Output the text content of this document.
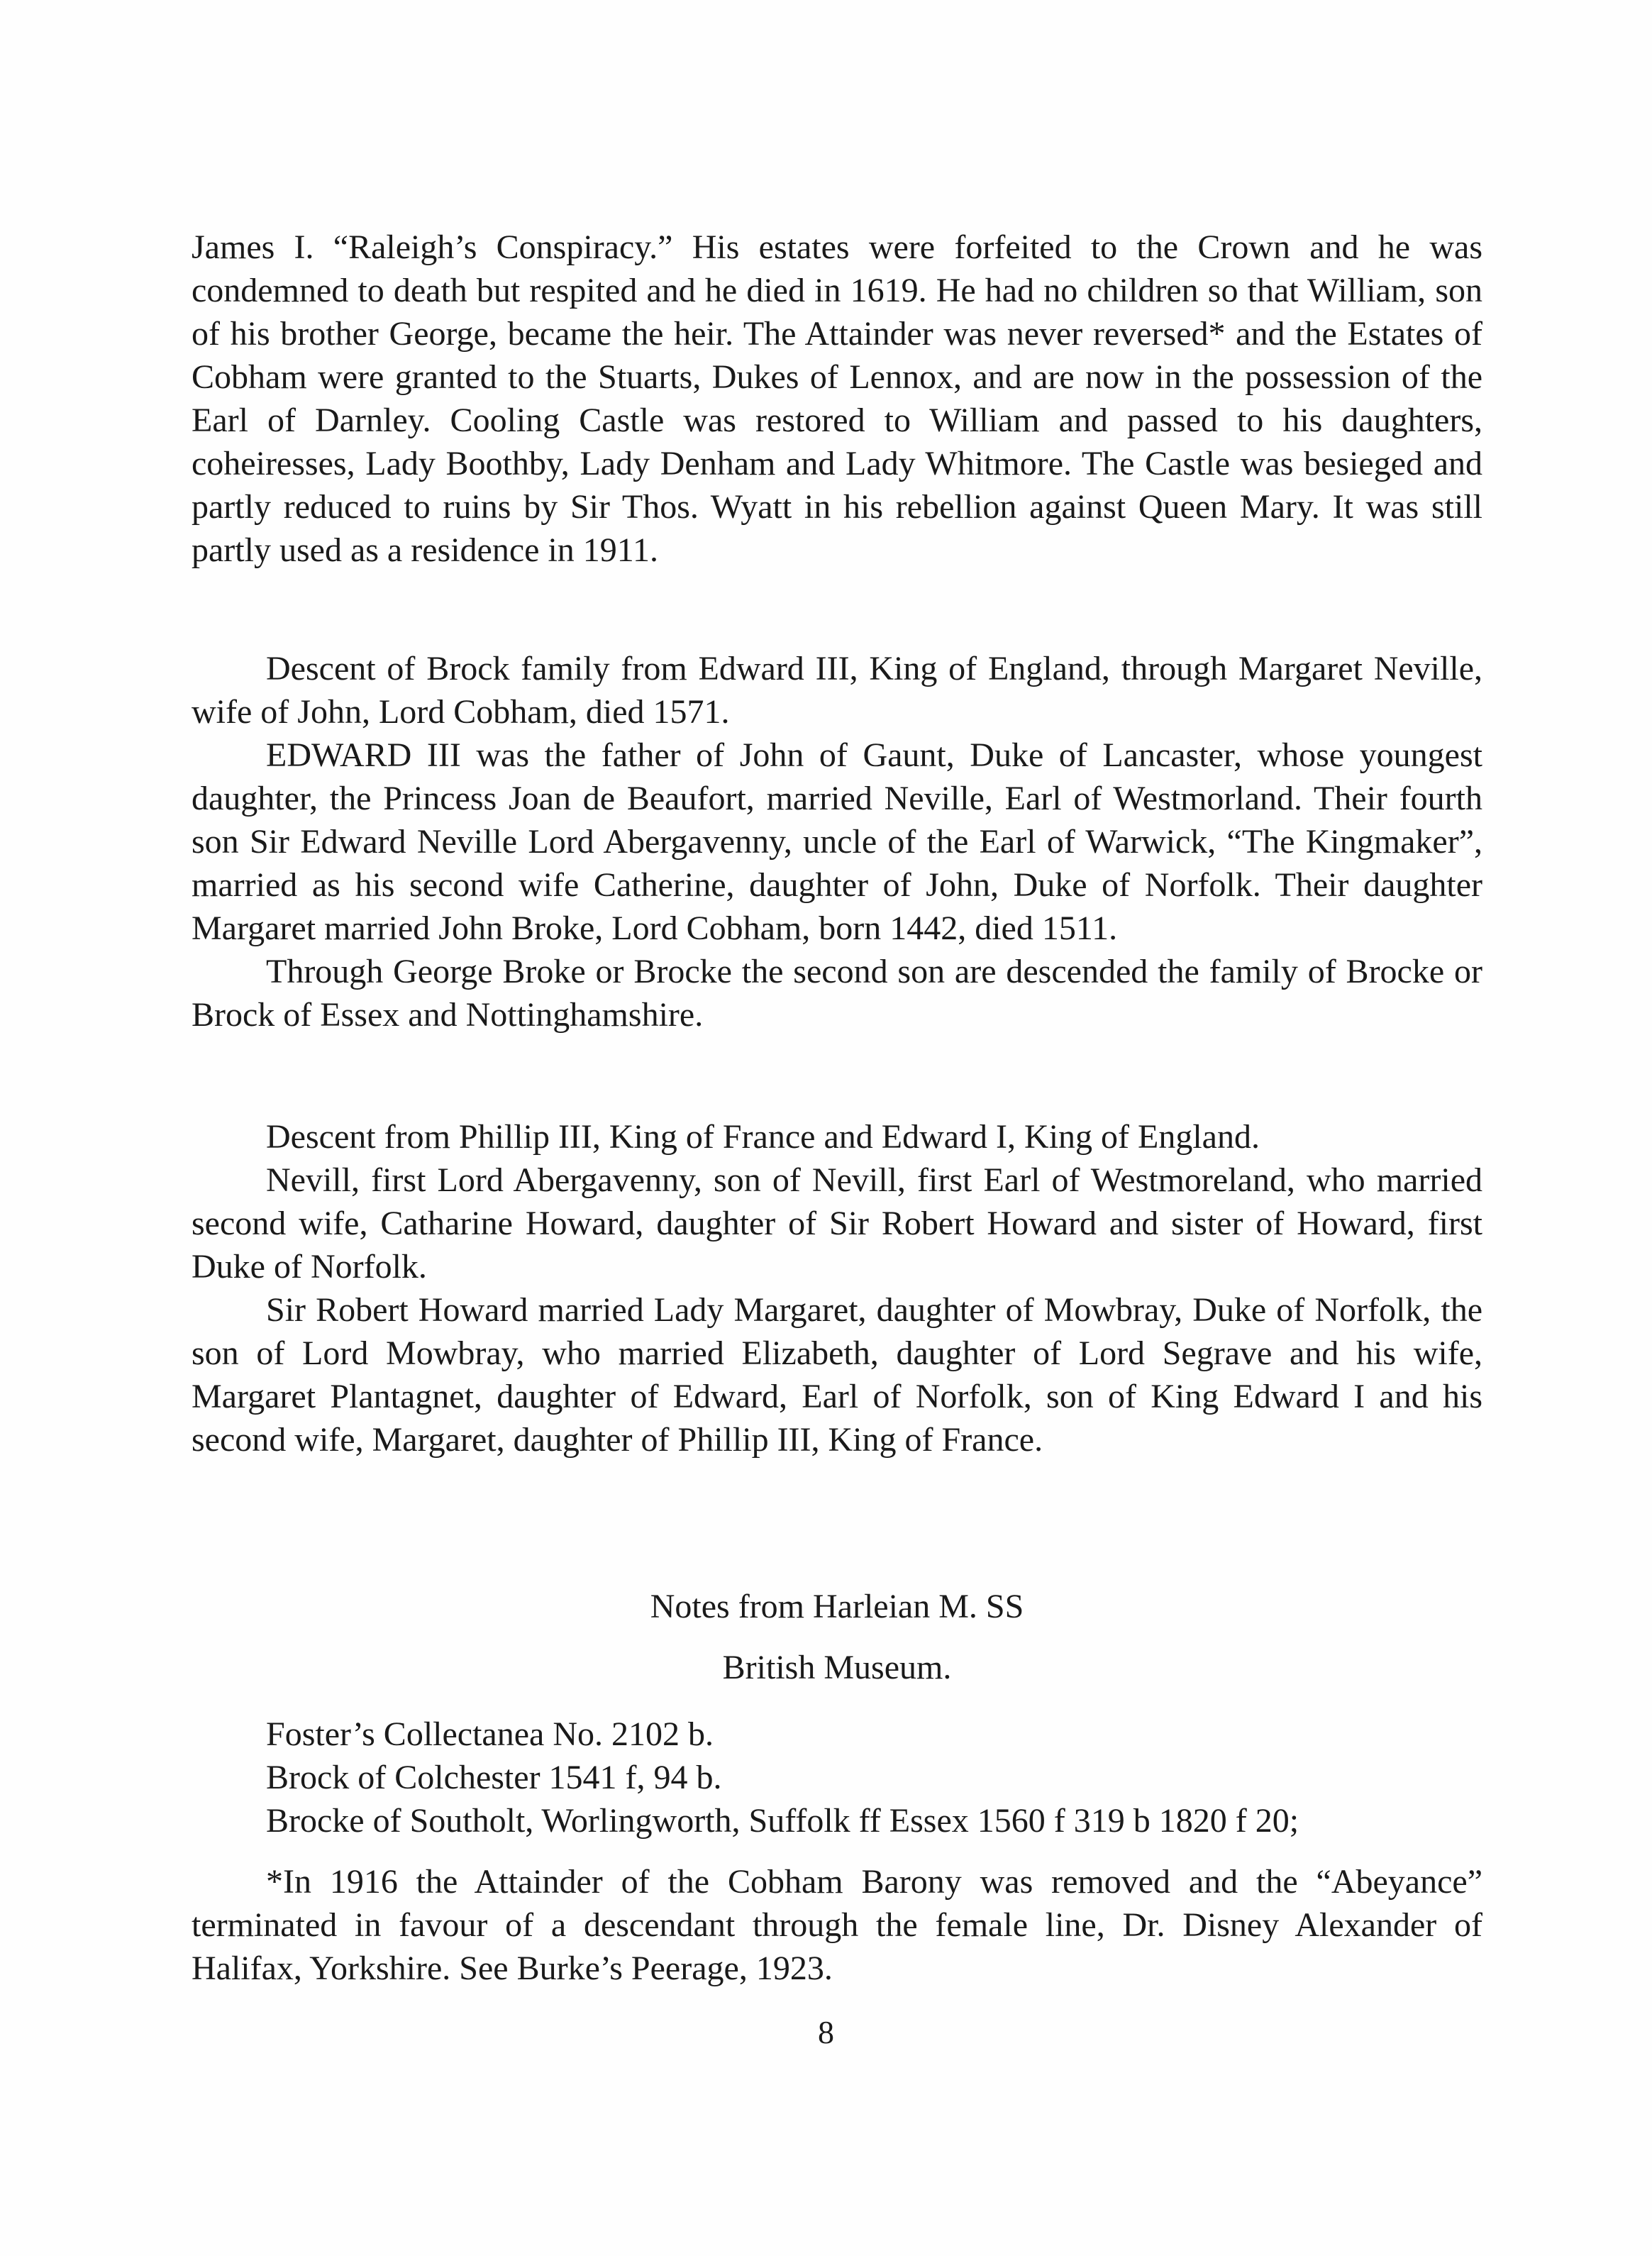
James I. “Raleigh’s Conspiracy.” His estates were forfeited to the Crown and he was condemned to death but respited and he died in 1619. He had no children so that William, son of his brother George, became the heir. The Attainder was never reversed* and the Estates of Cobham were granted to the Stuarts, Dukes of Lennox, and are now in the possession of the Earl of Darnley. Cooling Castle was restored to William and passed to his daughters, coheiresses, Lady Boothby, Lady Denham and Lady Whitmore. The Castle was besieged and partly reduced to ruins by Sir Thos. Wyatt in his rebellion against Queen Mary. It was still partly used as a residence in 1911.

Descent of Brock family from Edward III, King of England, through Margaret Neville, wife of John, Lord Cobham, died 1571.

EDWARD III was the father of John of Gaunt, Duke of Lancaster, whose youngest daughter, the Princess Joan de Beaufort, married Neville, Earl of Westmorland. Their fourth son Sir Edward Neville Lord Abergavenny, uncle of the Earl of Warwick, “The Kingmaker”, married as his second wife Catherine, daughter of John, Duke of Norfolk. Their daughter Margaret married John Broke, Lord Cobham, born 1442, died 1511.

Through George Broke or Brocke the second son are descended the family of Brocke or Brock of Essex and Nottinghamshire.

Descent from Phillip III, King of France and Edward I, King of England.

Nevill, first Lord Abergavenny, son of Nevill, first Earl of Westmoreland, who married second wife, Catharine Howard, daughter of Sir Robert Howard and sister of Howard, first Duke of Norfolk.

Sir Robert Howard married Lady Margaret, daughter of Mowbray, Duke of Norfolk, the son of Lord Mowbray, who married Elizabeth, daughter of Lord Segrave and his wife, Margaret Plantagnet, daughter of Edward, Earl of Norfolk, son of King Edward I and his second wife, Margaret, daughter of Phillip III, King of France.

Notes from Harleian M. SS
British Museum.
Foster’s Collectanea No. 2102 b.
Brock of Colchester 1541 f, 94 b.
Brocke of Southolt, Worlingworth, Suffolk ff Essex 1560 f 319 b 1820 f 20;
*In 1916 the Attainder of the Cobham Barony was removed and the “Abeyance” terminated in favour of a descendant through the female line, Dr. Disney Alexander of Halifax, Yorkshire. See Burke’s Peerage, 1923.
8
